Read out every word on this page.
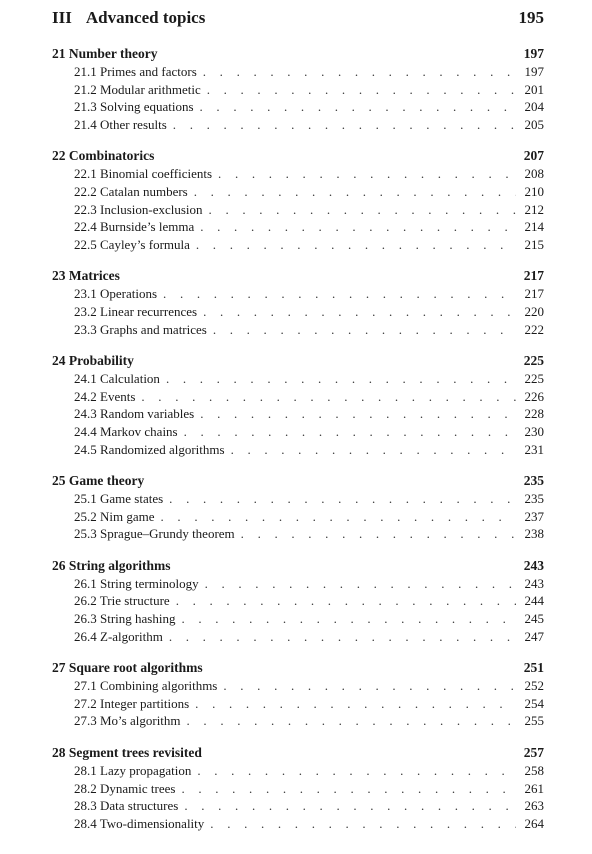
III Advanced topics	195
21 Number theory	197
21.1 Primes and factors . . .	197
21.2 Modular arithmetic . . .	201
21.3 Solving equations . . .	204
21.4 Other results . . .	205
22 Combinatorics	207
22.1 Binomial coefficients . . .	208
22.2 Catalan numbers . . .	210
22.3 Inclusion-exclusion . . .	212
22.4 Burnside’s lemma . . .	214
22.5 Cayley’s formula . . .	215
23 Matrices	217
23.1 Operations . . .	217
23.2 Linear recurrences . . .	220
23.3 Graphs and matrices . . .	222
24 Probability	225
24.1 Calculation . . .	225
24.2 Events . . .	226
24.3 Random variables . . .	228
24.4 Markov chains . . .	230
24.5 Randomized algorithms . . .	231
25 Game theory	235
25.1 Game states . . .	235
25.2 Nim game . . .	237
25.3 Sprague–Grundy theorem . . .	238
26 String algorithms	243
26.1 String terminology . . .	243
26.2 Trie structure . . .	244
26.3 String hashing . . .	245
26.4 Z-algorithm . . .	247
27 Square root algorithms	251
27.1 Combining algorithms . . .	252
27.2 Integer partitions . . .	254
27.3 Mo’s algorithm . . .	255
28 Segment trees revisited	257
28.1 Lazy propagation . . .	258
28.2 Dynamic trees . . .	261
28.3 Data structures . . .	263
28.4 Two-dimensionality . . .	264
